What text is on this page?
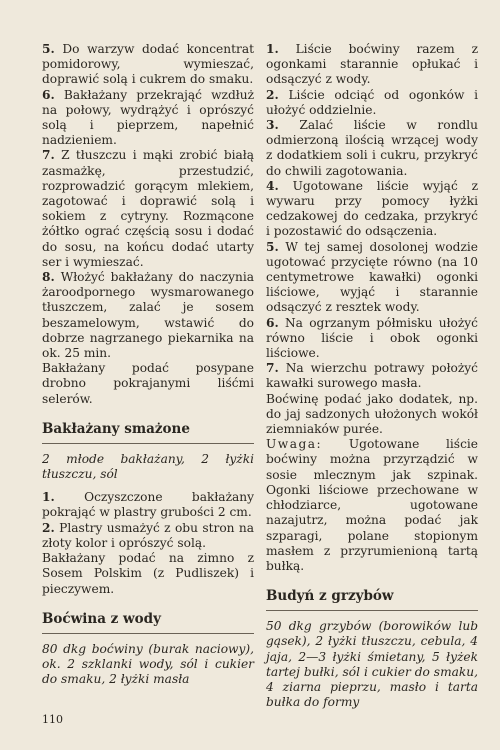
5. Do warzyw dodać koncentrat pomidorowy, wymieszać, doprawić solą i cukrem do smaku.

6. Bakłażany przekrająć wzdłuż na połowy, wydrążyć i oprószyć solą i pieprzem, napełnić nadzieniem.

7. Z tłuszczu i mąki zrobić białą zasmażkę, przestudzić, rozprowadzić gorącym mlekiem, zagotować i doprawić solą i sokiem z cytryny. Rozmącone żółtko ograć częścią sosu i dodać do sosu, na końcu dodać utarty ser i wymieszać.

8. Włożyć bakłażany do naczynia żaroodpornego wysmarowanego tłuszczem, zalać je sosem beszamelowym, wstawić do dobrze nagrzanego piekarnika na ok. 25 min.

Bakłażany podać posypane drobno pokrajanymi liśćmi selerów.

Bakłażany smażone

2 młode bakłażany, 2 łyżki tłuszczu, sól

1. Oczyszczone bakłażany pokrająć w plastry grubości 2 cm.

2. Plastry usmażyć z obu stron na złoty kolor i oprószyć solą.

Bakłażany podać na zimno z Sosem Polskim (z Pudliszek) i pieczywem.

Boćwina z wody

80 dkg boćwiny (burak naciowy), ok. 2 szklanki wody, sól i cukier do smaku, 2 łyżki masła

1. Liście boćwiny razem z ogonkami starannie opłukać i odsączyć z wody.

2. Liście odciąć od ogonków i ułożyć oddzielnie.

3. Zalać liście w rondlu odmierzoną ilością wrzącej wody z dodatkiem soli i cukru, przykryć do chwili zagotowania.

4. Ugotowane liście wyjąć z wywaru przy pomocy łyżki cedzakowej do cedzaka, przykryć i pozostawić do odsączenia.

5. W tej samej dosolonej wodzie ugotować przycięte równo (na 10 centymetrowe kawałki) ogonki liściowe, wyjąć i starannie odsączyć z resztek wody.

6. Na ogrzanym półmisku ułożyć równo liście i obok ogonki liściowe.

7. Na wierzchu potrawy położyć kawałki surowego masła.

Boćwinę podać jako dodatek, np. do jaj sadzonych ułożonych wokół ziemniaków purée.

Uwaga: Ugotowane liście boćwiny można przyrządzić w sosie mlecznym jak szpinak. Ogonki liściowe przechowane w chłodziarce, ugotowane nazajutrz, można podać jak szparagi, polane stopionym masłem z przyrumienioną tartą bułką.

Budyń z grzybów

50 dkg grzybów (borowików lub gąsek), 2 łyżki tłuszczu, cebula, 4 jaja, 2—3 łyżki śmietany, 5 łyżek tartej bułki, sól i cukier do smaku, 4 ziarna pieprzu, masło i tarta bułka do formy

110
